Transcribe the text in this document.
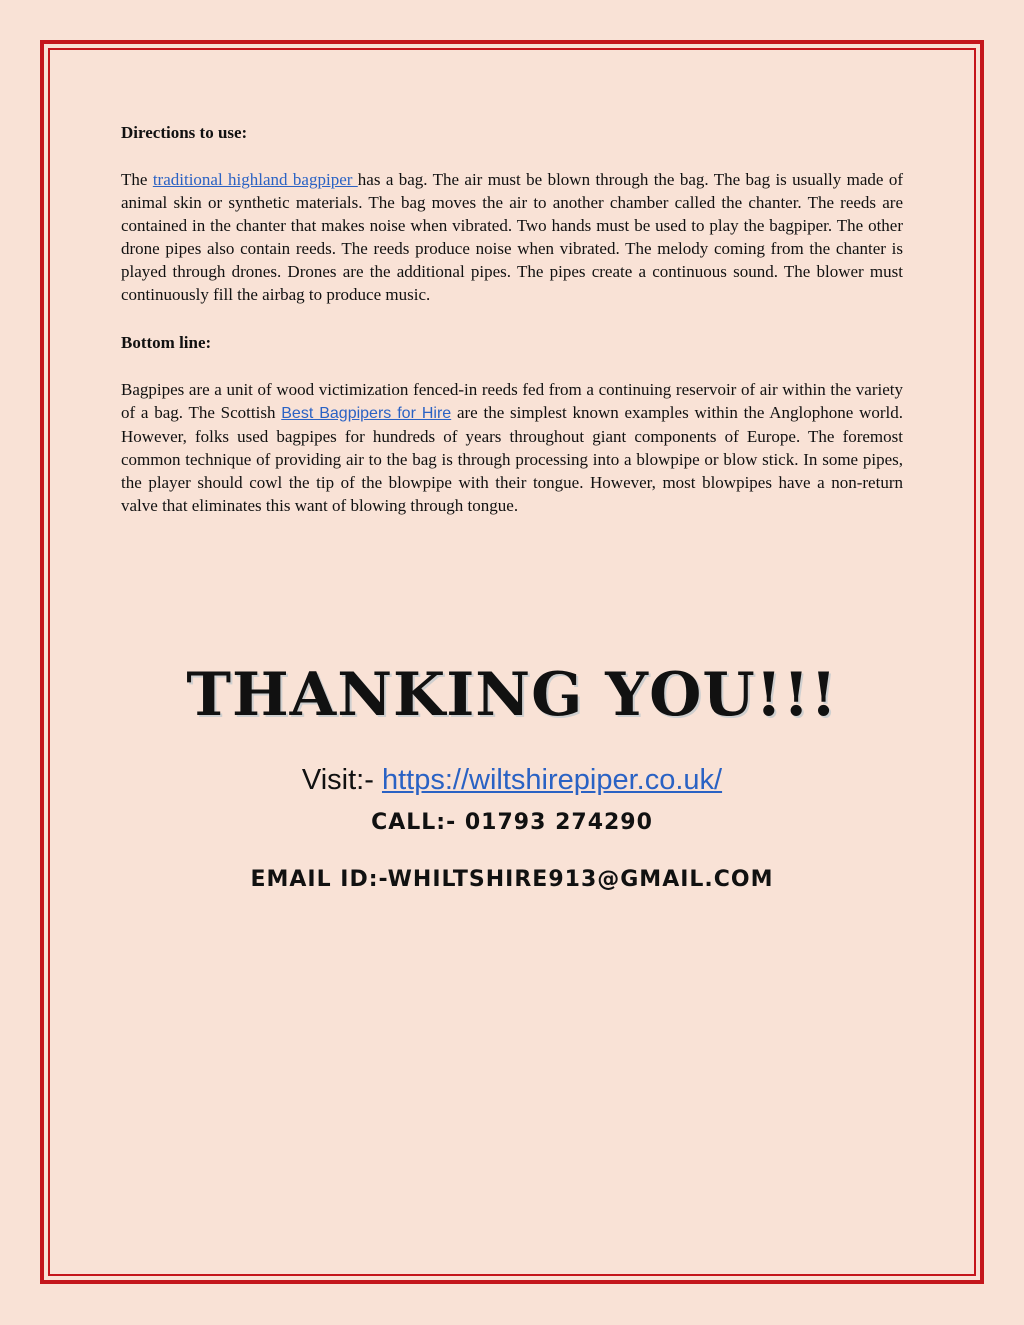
Directions to use:

The traditional highland bagpiper has a bag. The air must be blown through the bag. The bag is usually made of animal skin or synthetic materials. The bag moves the air to another chamber called the chanter. The reeds are contained in the chanter that makes noise when vibrated. Two hands must be used to play the bagpiper. The other drone pipes also contain reeds. The reeds produce noise when vibrated. The melody coming from the chanter is played through drones. Drones are the additional pipes. The pipes create a continuous sound. The blower must continuously fill the airbag to produce music.

Bottom line:

Bagpipes are a unit of wood victimization fenced-in reeds fed from a continuing reservoir of air within the variety of a bag. The Scottish Best Bagpipers for Hire are the simplest known examples within the Anglophone world. However, folks used bagpipes for hundreds of years throughout giant components of Europe. The foremost common technique of providing air to the bag is through processing into a blowpipe or blow stick. In some pipes, the player should cowl the tip of the blowpipe with their tongue. However, most blowpipes have a non-return valve that eliminates this want of blowing through tongue.

THANKING YOU!!!
Visit:- https://wiltshirepiper.co.uk/
CALL:- 01793 274290
EMAIL ID:-WHILTSHIRE913@GMAIL.COM
